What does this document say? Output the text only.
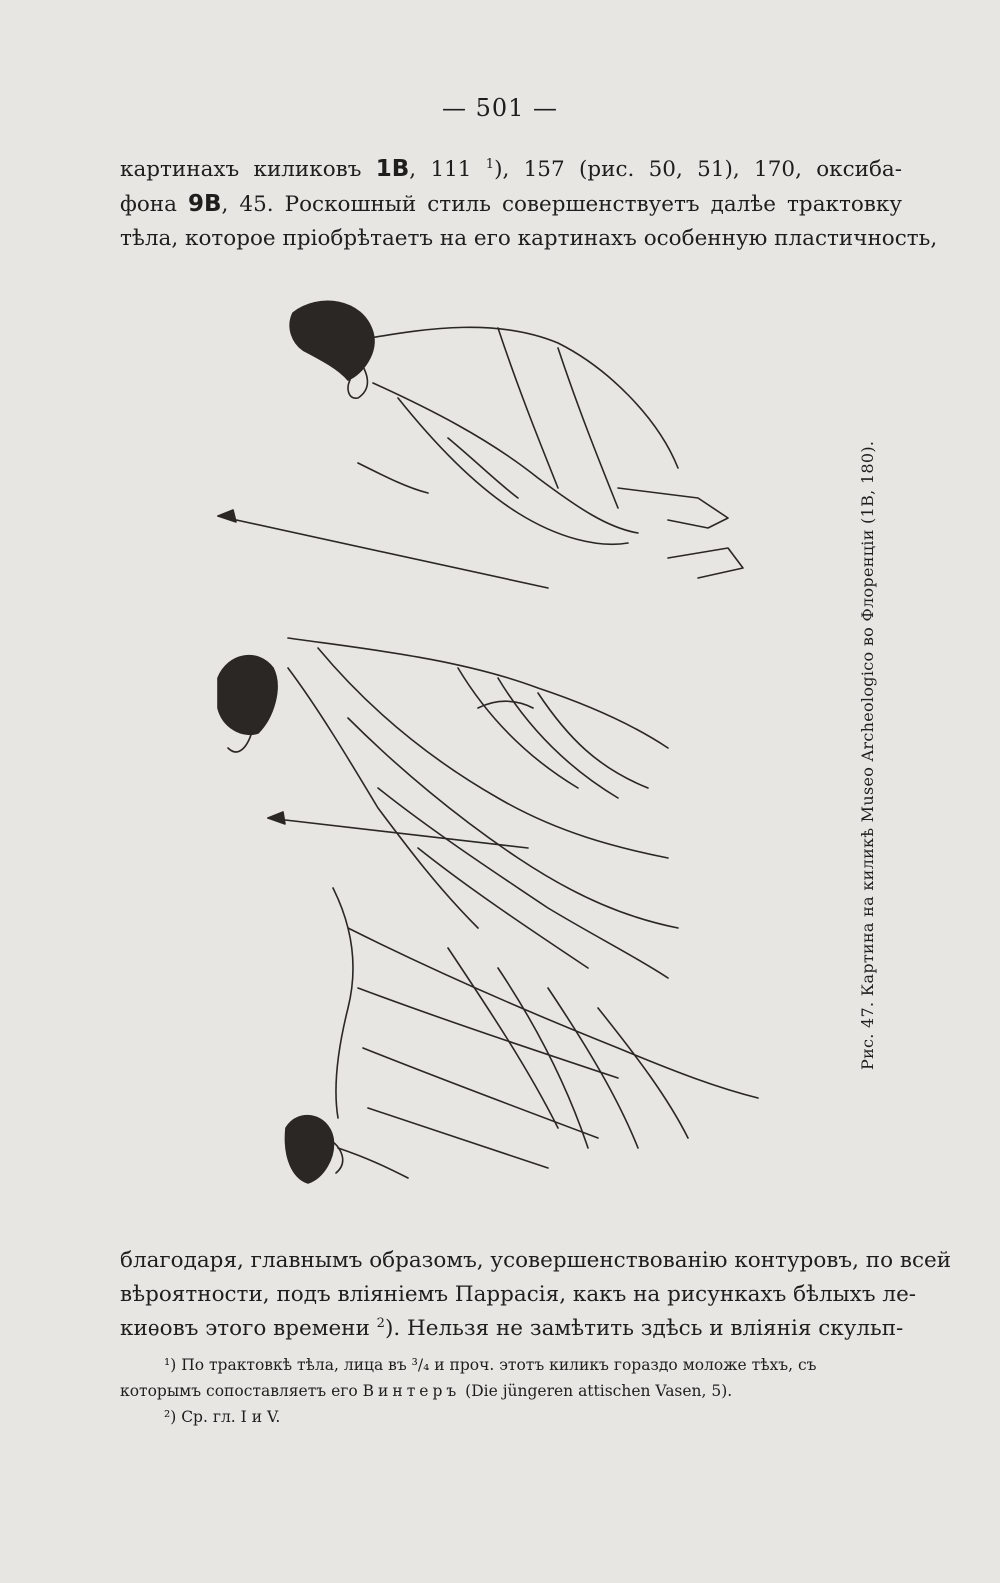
— 501 —
картинахъ киликовъ 1B, 111 $^1$), 157 (рис. 50, 51), 170, оксиба-
фона 9B, 45. Роскошный стиль совершенствуетъ далѣе трактовку
тѣла, которое пріобрѣтаетъ на его картинахъ особенную пластичность,
Рис. 47. Картина на киликѣ Museo Archeologico во Флоренціи (1B, 180).
благодаря, главнымъ образомъ, усовершенствованію контуровъ, по всей
вѣроятности, подъ вліяніемъ Паррасія, какъ на рисункахъ бѣлыхъ ле-
киѳовъ этого времени $^2$). Нельзя не замѣтить здѣсь и вліянія скульп-
¹) По трактовкѣ тѣла, лица въ ³/₄ и проч. этотъ киликъ гораздо моложе тѣхъ, съ
которымъ сопоставляетъ его Винтеръ (Die jüngeren attischen Vasen, 5).
²) Ср. гл. I и V.
